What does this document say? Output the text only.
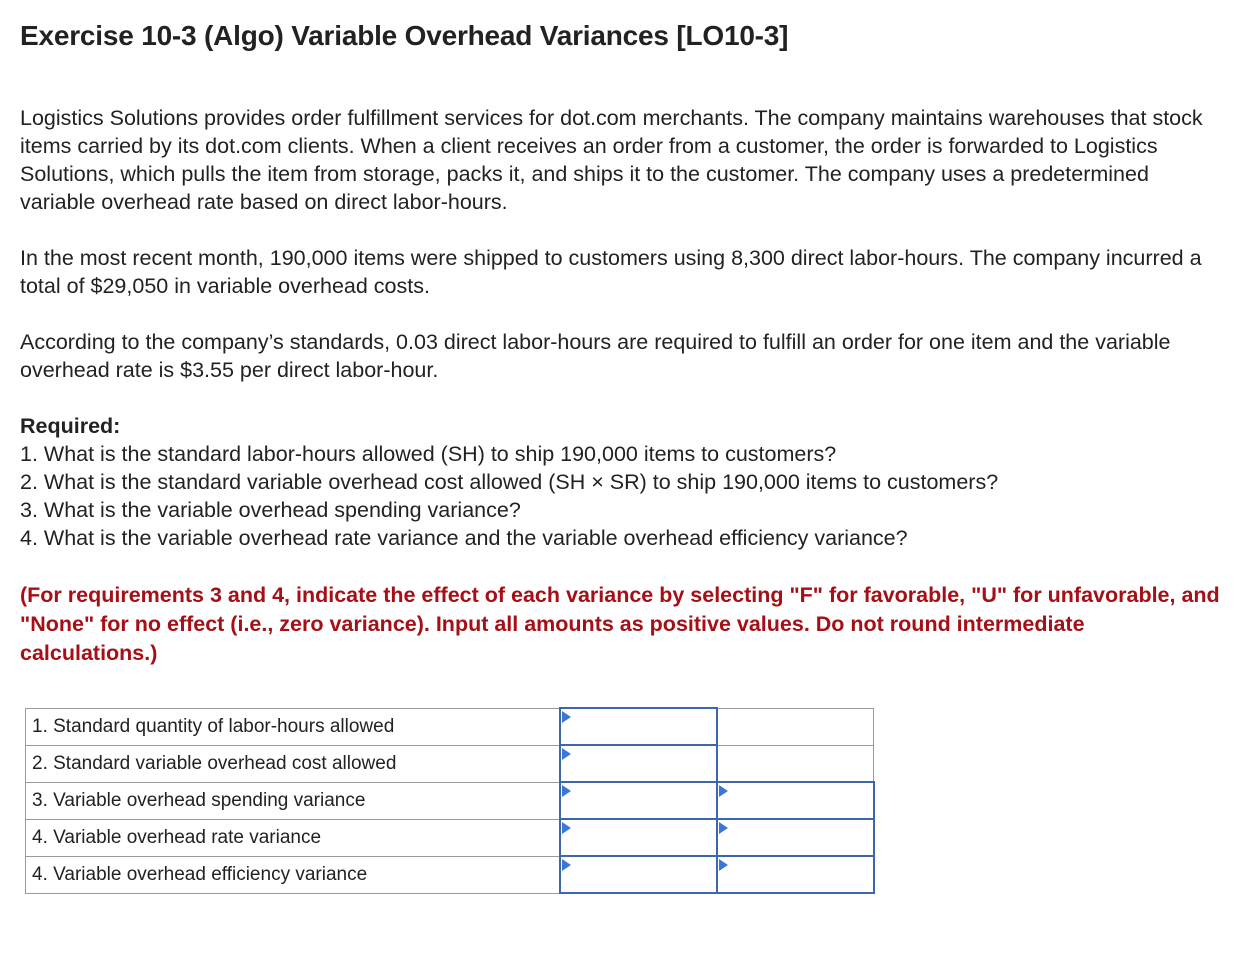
Exercise 10-3 (Algo) Variable Overhead Variances [LO10-3]
Logistics Solutions provides order fulfillment services for dot.com merchants. The company maintains warehouses that stock items carried by its dot.com clients. When a client receives an order from a customer, the order is forwarded to Logistics Solutions, which pulls the item from storage, packs it, and ships it to the customer. The company uses a predetermined variable overhead rate based on direct labor-hours.
In the most recent month, 190,000 items were shipped to customers using 8,300 direct labor-hours. The company incurred a total of $29,050 in variable overhead costs.
According to the company’s standards, 0.03 direct labor-hours are required to fulfill an order for one item and the variable overhead rate is $3.55 per direct labor-hour.
Required:
1. What is the standard labor-hours allowed (SH) to ship 190,000 items to customers?
2. What is the standard variable overhead cost allowed (SH × SR) to ship 190,000 items to customers?
3. What is the variable overhead spending variance?
4. What is the variable overhead rate variance and the variable overhead efficiency variance?
(For requirements 3 and 4, indicate the effect of each variance by selecting "F" for favorable, "U" for unfavorable, and "None" for no effect (i.e., zero variance). Input all amounts as positive values. Do not round intermediate calculations.)
1. Standard quantity of labor-hours allowed	

2. Standard variable overhead cost allowed	

3. Variable overhead spending variance	

4. Variable overhead rate variance	

4. Variable overhead efficiency variance	
